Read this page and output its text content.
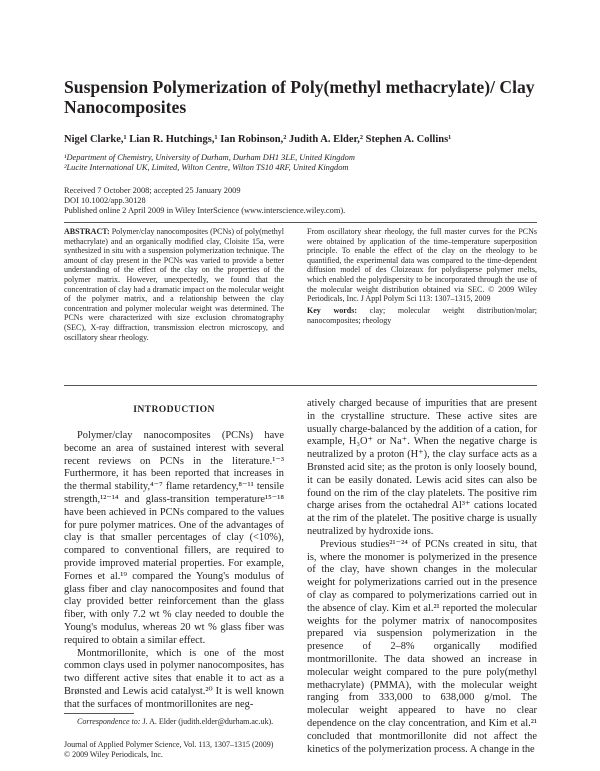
Suspension Polymerization of Poly(methyl methacrylate)/ Clay Nanocomposites
Nigel Clarke,¹ Lian R. Hutchings,¹ Ian Robinson,² Judith A. Elder,² Stephen A. Collins¹
¹Department of Chemistry, University of Durham, Durham DH1 3LE, United Kingdom
²Lucite International UK, Limited, Wilton Centre, Wilton TS10 4RF, United Kingdom
Received 7 October 2008; accepted 25 January 2009
DOI 10.1002/app.30128
Published online 2 April 2009 in Wiley InterScience (www.interscience.wiley.com).
ABSTRACT: Polymer/clay nanocomposites (PCNs) of poly(methyl methacrylate) and an organically modified clay, Cloisite 15a, were synthesized in situ with a suspension polymerization technique. The amount of clay present in the PCNs was varied to provide a better understanding of the effect of the clay on the properties of the polymer matrix. However, unexpectedly, we found that the concentration of clay had a dramatic impact on the molecular weight of the polymer matrix, and a relationship between the clay concentration and polymer molecular weight was determined. The PCNs were characterized with size exclusion chromatography (SEC), X-ray diffraction, transmission electron microscopy, and oscillatory shear rheology.
From oscillatory shear rheology, the full master curves for the PCNs were obtained by application of the time–temperature superposition principle. To enable the effect of the clay on the rheology to be quantified, the experimental data was compared to the time-dependent diffusion model of des Cloizeaux for polydisperse polymer melts, which enabled the polydispersity to be incorporated through the use of the molecular weight distribution obtained via SEC. © 2009 Wiley Periodicals, Inc. J Appl Polym Sci 113: 1307–1315, 2009
Key words: clay; molecular weight distribution/molar; nanocomposites; rheology
INTRODUCTION

Polymer/clay nanocomposites (PCNs) have become an area of sustained interest with several recent reviews on PCNs in the literature.¹⁻³ Furthermore, it has been reported that increases in the thermal stability,⁴⁻⁷ flame retardency,⁸⁻¹¹ tensile strength,¹²⁻¹⁴ and glass-transition temperature¹⁵⁻¹⁸ have been achieved in PCNs compared to the values for pure polymer matrices. One of the advantages of clay is that smaller percentages of clay (<10%), compared to conventional fillers, are required to provide improved material properties. For example, Fornes et al.¹⁹ compared the Young's modulus of glass fiber and clay nanocomposites and found that clay provided better reinforcement than the glass fiber, with only 7.2 wt % clay needed to double the Young's modulus, whereas 20 wt % glass fiber was required to obtain a similar effect.

Montmorillonite, which is one of the most common clays used in polymer nanocomposites, has two different active sites that enable it to act as a Brønsted and Lewis acid catalyst.²⁰ It is well known that the surfaces of montmorillonites are neg-

atively charged because of impurities that are present in the crystalline structure. These active sites are usually charge-balanced by the addition of a cation, for example, H₃O⁺ or Na⁺. When the negative charge is neutralized by a proton (H⁺), the clay surface acts as a Brønsted acid site; as the proton is only loosely bound, it can be easily donated. Lewis acid sites can also be found on the rim of the clay platelets. The positive rim charge arises from the octahedral Al³⁺ cations located at the rim of the platelet. The positive charge is usually neutralized by hydroxide ions.

Previous studies²¹⁻²⁴ of PCNs created in situ, that is, where the monomer is polymerized in the presence of the clay, have shown changes in the molecular weight for polymerizations carried out in the presence of clay as compared to polymerizations carried out in the absence of clay. Kim et al.²¹ reported the molecular weights for the polymer matrix of nanocomposites prepared via suspension polymerization in the presence of 2–8% organically modified montmorillonite. The data showed an increase in molecular weight compared to the pure poly(methyl methacrylate) (PMMA), with the molecular weight ranging from 333,000 to 638,000 g/mol. The molecular weight appeared to have no clear dependence on the clay concentration, and Kim et al.²¹ concluded that montmorillonite did not affect the kinetics of the polymerization process. A change in the

Correspondence to: J. A. Elder (judith.elder@durham.ac.uk).
Journal of Applied Polymer Science, Vol. 113, 1307–1315 (2009)
© 2009 Wiley Periodicals, Inc.
